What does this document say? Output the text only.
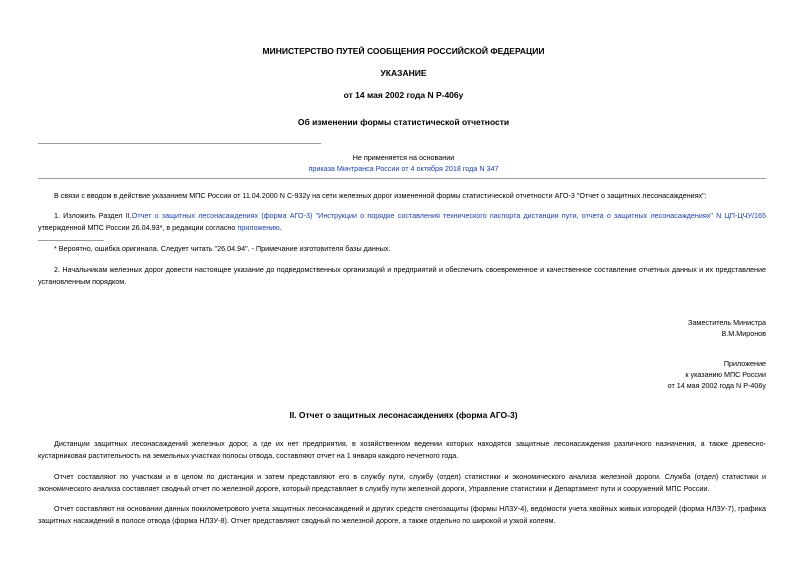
МИНИСТЕРСТВО ПУТЕЙ СООБЩЕНИЯ РОССИЙСКОЙ ФЕДЕРАЦИИ
УКАЗАНИЕ
от 14 мая 2002 года N Р-406у
Об изменении формы статистической отчетности
Не применяется на основании
приказа Минтранса России от 4 октября 2018 года N 347
В связи с вводом в действие указанием МПС России от 11.04.2000 N С-932у на сети железных дорог измененной формы статистической отчетности АГО-3 "Отчет о защитных лесонасаждениях":
1. Изложить Раздел II.Отчет о защитных лесонасаждениях (форма АГО-3) "Инструкции о порядке составления технического паспорта дистанции пути, отчета о защитных лесонасаждениях" N ЦП-ЦЧУ/165 утвержденной МПС России 26.04.93*, в редакции согласно приложению.
* Вероятно, ошибка оригинала. Следует читать "26.04.94". - Примечание изготовителя базы данных.
2. Начальникам железных дорог довести настоящее указание до подведомственных организаций и предприятий и обеспечить своевременное и качественное составление отчетных данных и их представление установленным порядком.
Заместитель Министра
В.М.Миронов
Приложение
к указанию МПС России
от 14 мая 2002 года N Р-406у
II. Отчет о защитных лесонасаждениях (форма АГО-3)
Дистанции защитных лесонасаждений железных дорог, а где их нет предприятия, в хозяйственном ведении которых находятся защитные лесонасаждения различного назначения, а также древесно-кустарниковая растительность на земельных участках полосы отвода, составляют отчет на 1 января каждого нечетного года.
Отчет составляют по участкам и в целом по дистанции и затем представляют его в службу пути, службу (отдел) статистики и экономического анализа железной дороги. Служба (отдел) статистики и экономического анализа составляет сводный отчет по железной дороге, который представляет в службу пути железной дороги, Управление статистики и Департамент пути и сооружений МПС России.
Отчет составляют на основании данных покилометрового учета защитных лесонасаждений и других средств снегозащиты (формы НЛЗУ-4), ведомости учета хвойных живых изгородей (форма НЛЗУ-7), графика защитных насаждений в полосе отвода (форма НЛЗУ-8). Отчет представляют сводный по железной дороге, а также отдельно по широкой и узкой колеям.
